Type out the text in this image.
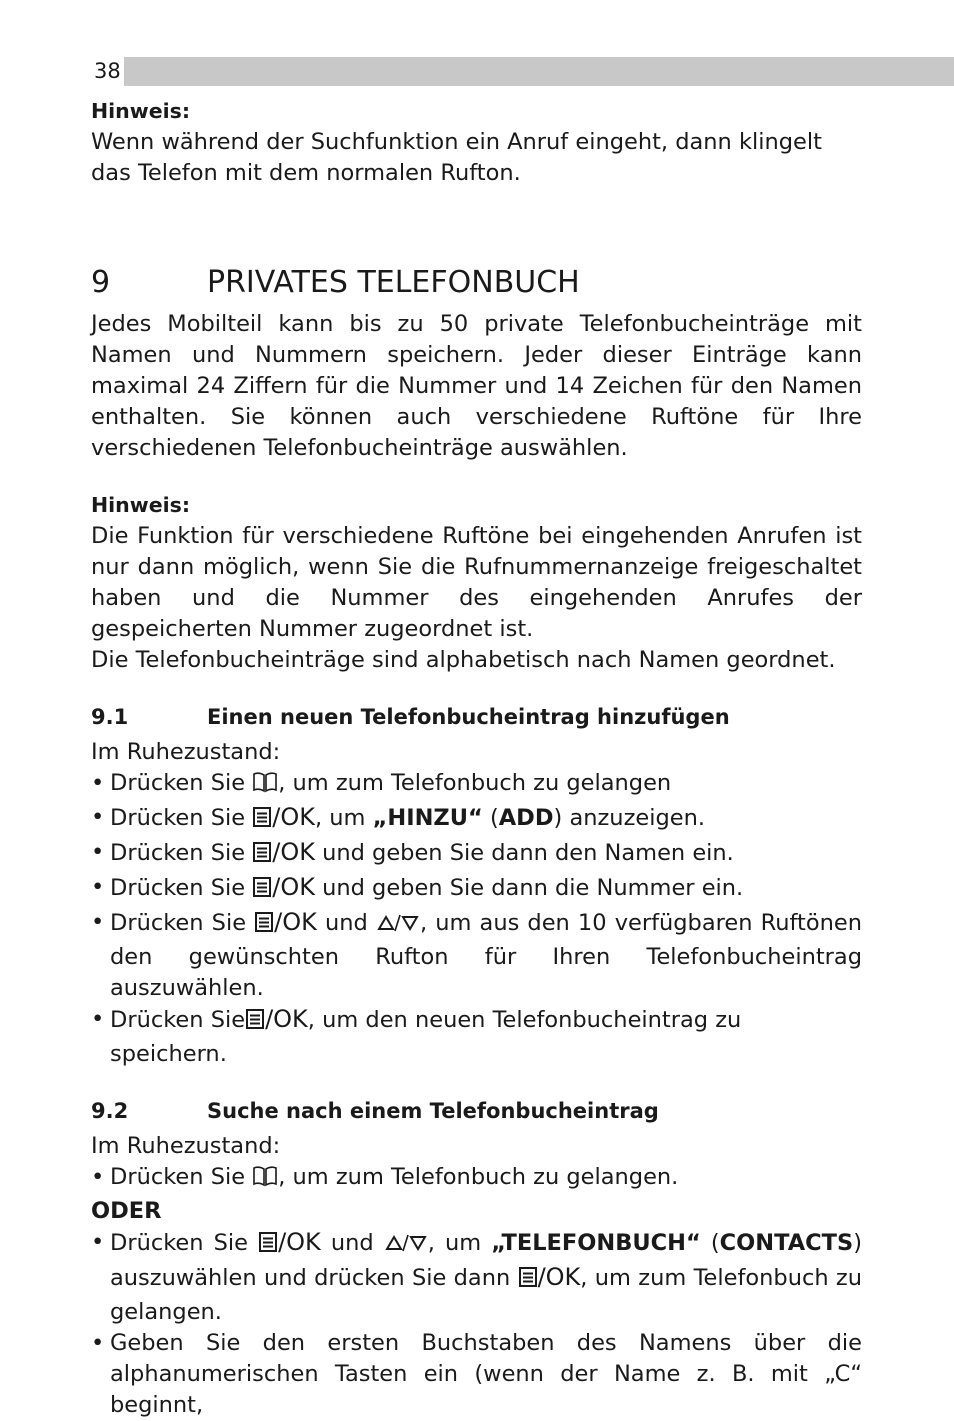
38
Hinweis:

Wenn während der Suchfunktion ein Anruf eingeht, dann klingelt das Telefon mit dem normalen Rufton.

9	PRIVATES TELEFONBUCH

Jedes Mobilteil kann bis zu 50 private Telefonbucheinträge mit Namen und Nummern speichern. Jeder dieser Einträge kann maximal 24 Ziffern für die Nummer und 14 Zeichen für den Namen enthalten. Sie können auch verschiedene Ruftöne für Ihre verschiedenen Telefonbucheinträge auswählen.

Hinweis:

Die Funktion für verschiedene Ruftöne bei eingehenden Anrufen ist nur dann möglich, wenn Sie die Rufnummernanzeige freigeschaltet haben und die Nummer des eingehenden Anrufes der gespeicherten Nummer zugeordnet ist.

Die Telefonbucheinträge sind alphabetisch nach Namen geordnet.

9.1	Einen neuen Telefonbucheintrag hinzufügen

Im Ruhezustand:

• Drücken Sie , um zum Telefonbuch zu gelangen
• Drücken Sie /OK, um „HINZU“ (ADD) anzuzeigen.
• Drücken Sie /OK und geben Sie dann den Namen ein.
• Drücken Sie /OK und geben Sie dann die Nummer ein.
• Drücken Sie /OK und , um aus den 10 verfügbaren Ruftönen den gewünschten Rufton für Ihren Telefonbucheintrag auszuwählen.
• Drücken Sie /OK, um den neuen Telefonbucheintrag zu speichern.
9.2	Suche nach einem Telefonbucheintrag

Im Ruhezustand:

• Drücken Sie , um zum Telefonbuch zu gelangen.

ODER

• Drücken Sie /OK und , um „TELEFONBUCH“ (CONTACTS) auszuwählen und drücken Sie dann /OK, um zum Telefonbuch zu gelangen.
• Geben Sie den ersten Buchstaben des Namens über die alphanumerischen Tasten ein (wenn der Name z. B. mit „C“ beginnt,
